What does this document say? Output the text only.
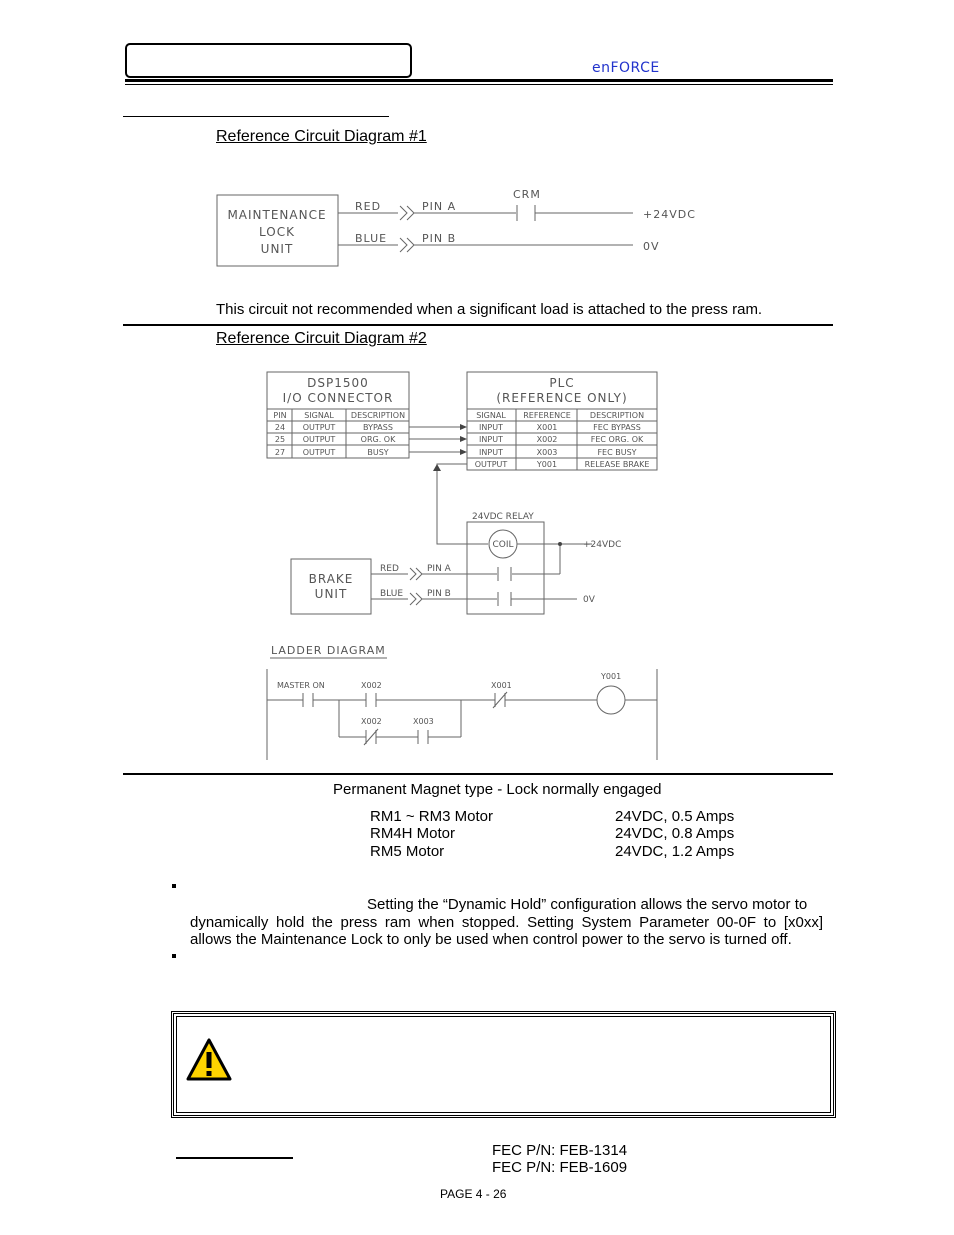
enFORCE
Reference Circuit Diagram #1
MAINTENANCE
LOCK
UNIT
RED
BLUE
PIN A
PIN B
CRM
+24VDC
0V
This circuit not recommended when a significant load is attached to the press ram.
Reference Circuit Diagram #2
DSP1500
I/O CONNECTOR
PIN SIGNAL DESCRIPTION
24 OUTPUT	BYPASS
25 OUTPUT	ORG. OK
27 OUTPUT	BUSY
PLC
(REFERENCE ONLY)
SIGNAL REFERENCE DESCRIPTION
INPUT	X001	FEC BYPASS
INPUT	X002	FEC ORG. OK
INPUT	X003	FEC BUSY
OUTPUT	Y001	RELEASE BRAKE
24VDC RELAY
COIL	+24VDC
0V
RED
BLUE
PIN A
PIN B
BRAKE
UNIT
LADDER DIAGRAM
MASTER ON	X002	X001
X002	X003
Y001
Permanent Magnet type - Lock normally engaged
RM1 ~ RM3 Motor	24VDC, 0.5 Amps
RM4H Motor	24VDC, 0.8 Amps
RM5 Motor	24VDC, 1.2 Amps
Setting the “Dynamic Hold” configuration allows the servo motor to
dynamically hold the press ram when stopped. Setting System Parameter 00-0F to [x0xx]
allows the Maintenance Lock to only be used when control power to the servo is turned off.
FEC P/N: FEB-1314
FEC P/N: FEB-1609
PAGE 4 - 26
